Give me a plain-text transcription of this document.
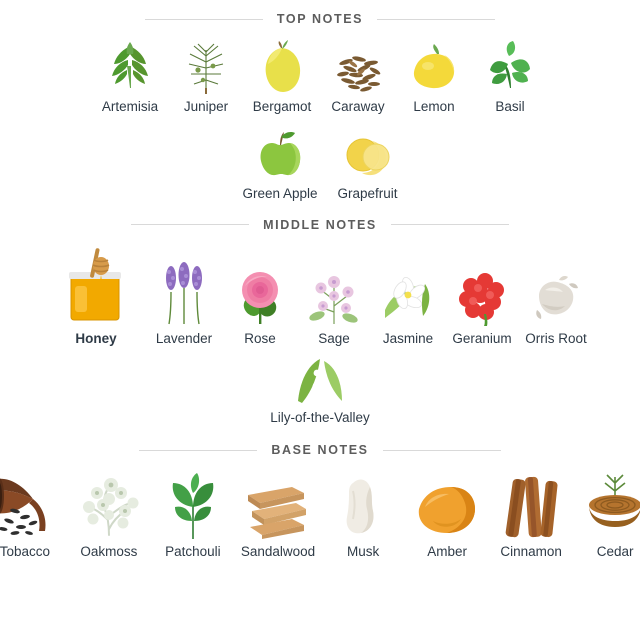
TOP NOTES
Artemisia Juniper Bergamot Caraway Lemon	Basil
Green Apple Grapefruit
MIDDLE NOTES
Honey	Lavender Rose	Sage Jasmine Geranium Orris Root
Lily-of-the-Valley
BASE NOTES
Tobacco Oakmoss Patchouli Sandalwood Musk	Amber Cinnamon	Cedar
